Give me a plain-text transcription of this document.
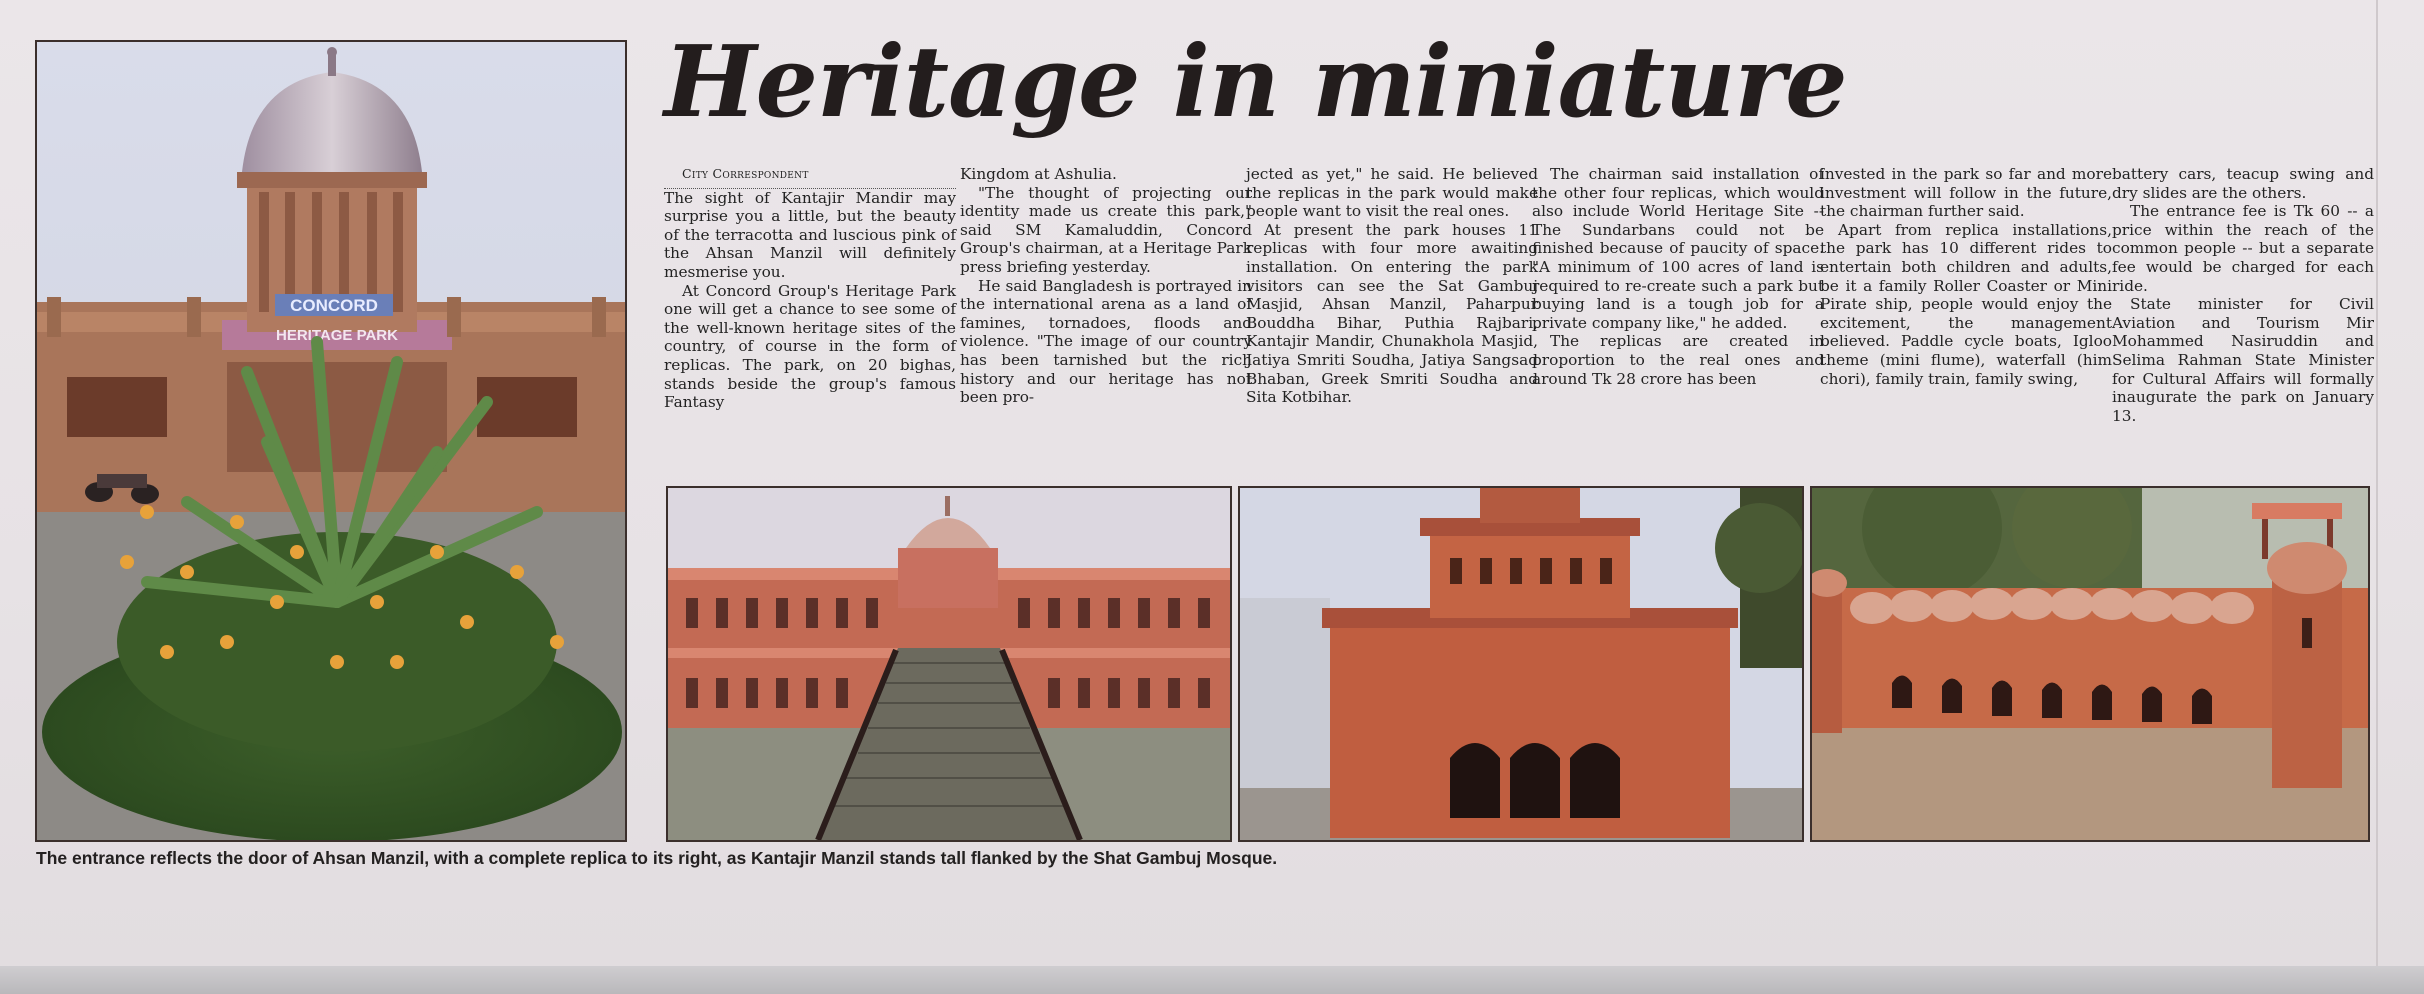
CONCORD
HERITAGE PARK
Heritage in miniature

City Correspondent

The sight of Kantajir Mandir may surprise you a little, but the beauty of the terracotta and luscious pink of the Ahsan Manzil will definitely mesmerise you.

At Concord Group's Heritage Park one will get a chance to see some of the well-known heritage sites of the country, of course in the form of replicas. The park, on 20 bighas, stands beside the group's famous Fantasy

Kingdom at Ashulia.

"The thought of projecting our identity made us create this park," said SM Kamaluddin, Concord Group's chairman, at a Heritage Park press briefing yesterday.

He said Bangladesh is portrayed in the international arena as a land of famines, tornadoes, floods and violence. "The image of our country has been tarnished but the rich history and our heritage has not been pro-

jected as yet," he said. He believed the replicas in the park would make people want to visit the real ones.

At present the park houses 11 replicas with four more awaiting installation. On entering the park visitors can see the Sat Gambuj Masjid, Ahsan Manzil, Paharpur Bouddha Bihar, Puthia Rajbari, Kantajir Mandir, Chunakhola Masjid, Jatiya Smriti Soudha, Jatiya Sangsad Bhaban, Greek Smriti Soudha and Sita Kotbihar.

The chairman said installation of the other four replicas, which would also include World Heritage Site -- The Sundarbans could not be finished because of paucity of space. "A minimum of 100 acres of land is required to re-create such a park but buying land is a tough job for a private company like," he added.

The replicas are created in proportion to the real ones and around Tk 28 crore has been

invested in the park so far and more investment will follow in the future, the chairman further said.

Apart from replica installations, the park has 10 different rides to entertain both children and adults, be it a family Roller Coaster or Mini Pirate ship, people would enjoy the excitement, the management believed. Paddle cycle boats, Igloo theme (mini flume), waterfall (him chori), family train, family swing,

battery cars, teacup swing and dry slides are the others.

The entrance fee is Tk 60 -- a price within the reach of the common people -- but a separate fee would be charged for each ride.

State minister for Civil Aviation and Tourism Mir Mohammed Nasiruddin and Selima Rahman State Minister for Cultural Affairs will formally inaugurate the park on January 13.

The entrance reflects the door of Ahsan Manzil, with a complete replica to its right, as Kantajir Manzil stands tall flanked by the Shat Gambuj Mosque.
